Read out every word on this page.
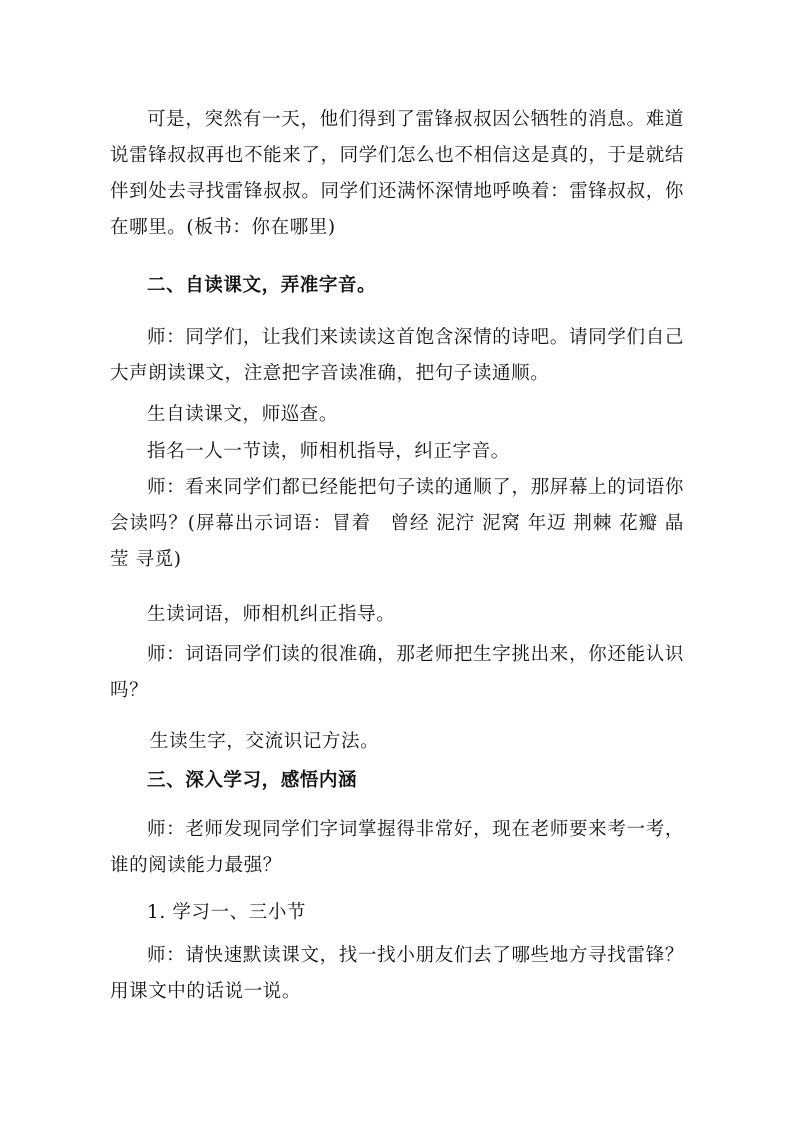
可是，突然有一天，他们得到了雷锋叔叔因公牺牲的消息。难道说雷锋叔叔再也不能来了，同学们怎么也不相信这是真的，于是就结伴到处去寻找雷锋叔叔。同学们还满怀深情地呼唤着：雷锋叔叔，你在哪里。(板书：你在哪里)

二、自读课文，弄准字音。

师：同学们，让我们来读读这首饱含深情的诗吧。请同学们自己大声朗读课文，注意把字音读准确，把句子读通顺。

生自读课文，师巡查。

指名一人一节读，师相机指导，纠正字音。

师：看来同学们都已经能把句子读的通顺了，那屏幕上的词语你会读吗？(屏幕出示词语：冒着　曾经 泥泞 泥窝 年迈 荆棘 花瓣 晶莹 寻觅)

生读词语，师相机纠正指导。

师：词语同学们读的很准确，那老师把生字挑出来，你还能认识吗？

生读生字，交流识记方法。

三、深入学习，感悟内涵

师：老师发现同学们字词掌握得非常好，现在老师要来考一考，谁的阅读能力最强？

1. 学习一、三小节

师：请快速默读课文，找一找小朋友们去了哪些地方寻找雷锋？用课文中的话说一说。
